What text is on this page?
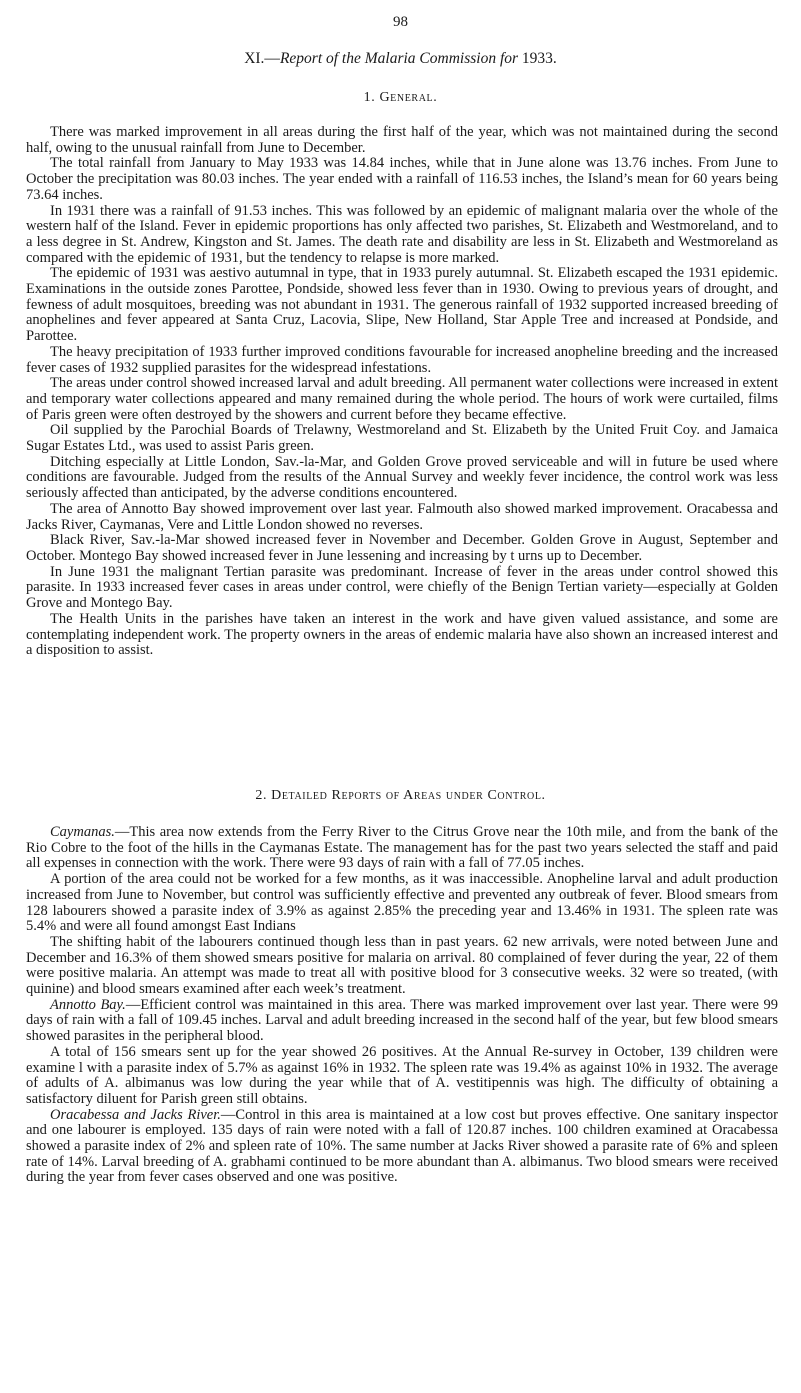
98
XI.—Report of the Malaria Commission for 1933.
1. General.

There was marked improvement in all areas during the first half of the year, which was not maintained during the second half, owing to the unusual rainfall from June to December.

The total rainfall from January to May 1933 was 14.84 inches, while that in June alone was 13.76 inches. From June to October the precipitation was 80.03 inches. The year ended with a rainfall of 116.53 inches, the Island’s mean for 60 years being 73.64 inches.

In 1931 there was a rainfall of 91.53 inches. This was followed by an epidemic of malignant malaria over the whole of the western half of the Island. Fever in epidemic proportions has only affected two parishes, St. Elizabeth and Westmoreland, and to a less degree in St. Andrew, Kingston and St. James. The death rate and disability are less in St. Elizabeth and Westmoreland as compared with the epidemic of 1931, but the tendency to relapse is more marked.

The epidemic of 1931 was aestivo autumnal in type, that in 1933 purely autumnal. St. Elizabeth escaped the 1931 epidemic. Examinations in the outside zones Parottee, Pondside, showed less fever than in 1930. Owing to previous years of drought, and fewness of adult mosquitoes, breeding was not abundant in 1931. The generous rainfall of 1932 supported increased breeding of anophelines and fever appeared at Santa Cruz, Lacovia, Slipe, New Holland, Star Apple Tree and increased at Pondside, and Parottee.

The heavy precipitation of 1933 further improved conditions favourable for increased anopheline breeding and the increased fever cases of 1932 supplied parasites for the widespread infestations.

The areas under control showed increased larval and adult breeding. All permanent water collections were increased in extent and temporary water collections appeared and many remained during the whole period. The hours of work were curtailed, films of Paris green were often destroyed by the showers and current before they became effective.

Oil supplied by the Parochial Boards of Trelawny, Westmoreland and St. Elizabeth by the United Fruit Coy. and Jamaica Sugar Estates Ltd., was used to assist Paris green.

Ditching especially at Little London, Sav.-la-Mar, and Golden Grove proved serviceable and will in future be used where conditions are favourable. Judged from the results of the Annual Survey and weekly fever incidence, the control work was less seriously affected than anticipated, by the adverse conditions encountered.

The area of Annotto Bay showed improvement over last year. Falmouth also showed marked improvement. Oracabessa and Jacks River, Caymanas, Vere and Little London showed no reverses.

Black River, Sav.-la-Mar showed increased fever in November and December. Golden Grove in August, September and October. Montego Bay showed increased fever in June lessening and increasing by t urns up to December.

In June 1931 the malignant Tertian parasite was predominant. Increase of fever in the areas under control showed this parasite. In 1933 increased fever cases in areas under control, were chiefly of the Benign Tertian variety—especially at Golden Grove and Montego Bay.

The Health Units in the parishes have taken an interest in the work and have given valued assistance, and some are contemplating independent work. The property owners in the areas of endemic malaria have also shown an increased interest and a disposition to assist.

2. Detailed Reports of Areas under Control.

Caymanas.—This area now extends from the Ferry River to the Citrus Grove near the 10th mile, and from the bank of the Rio Cobre to the foot of the hills in the Caymanas Estate. The management has for the past two years selected the staff and paid all expenses in connection with the work. There were 93 days of rain with a fall of 77.05 inches.

A portion of the area could not be worked for a few months, as it was inaccessible. Anopheline larval and adult production increased from June to November, but control was sufficiently effective and prevented any outbreak of fever. Blood smears from 128 labourers showed a parasite index of 3.9% as against 2.85% the preceding year and 13.46% in 1931. The spleen rate was 5.4% and were all found amongst East Indians

The shifting habit of the labourers continued though less than in past years. 62 new arrivals, were noted between June and December and 16.3% of them showed smears positive for malaria on arrival. 80 complained of fever during the year, 22 of them were positive malaria. An attempt was made to treat all with positive blood for 3 consecutive weeks. 32 were so treated, (with quinine) and blood smears examined after each week’s treatment.

Annotto Bay.—Efficient control was maintained in this area. There was marked improvement over last year. There were 99 days of rain with a fall of 109.45 inches. Larval and adult breeding increased in the second half of the year, but few blood smears showed parasites in the peripheral blood.

A total of 156 smears sent up for the year showed 26 positives. At the Annual Re-survey in October, 139 children were examine l with a parasite index of 5.7% as against 16% in 1932. The spleen rate was 19.4% as against 10% in 1932. The average of adults of A. albimanus was low during the year while that of A. vestitipennis was high. The difficulty of obtaining a satisfactory diluent for Parish green still obtains.

Oracabessa and Jacks River.—Control in this area is maintained at a low cost but proves effective. One sanitary inspector and one labourer is employed. 135 days of rain were noted with a fall of 120.87 inches. 100 children examined at Oracabessa showed a parasite index of 2% and spleen rate of 10%. The same number at Jacks River showed a parasite rate of 6% and spleen rate of 14%. Larval breeding of A. grabhami continued to be more abundant than A. albimanus. Two blood smears were received during the year from fever cases observed and one was positive.
